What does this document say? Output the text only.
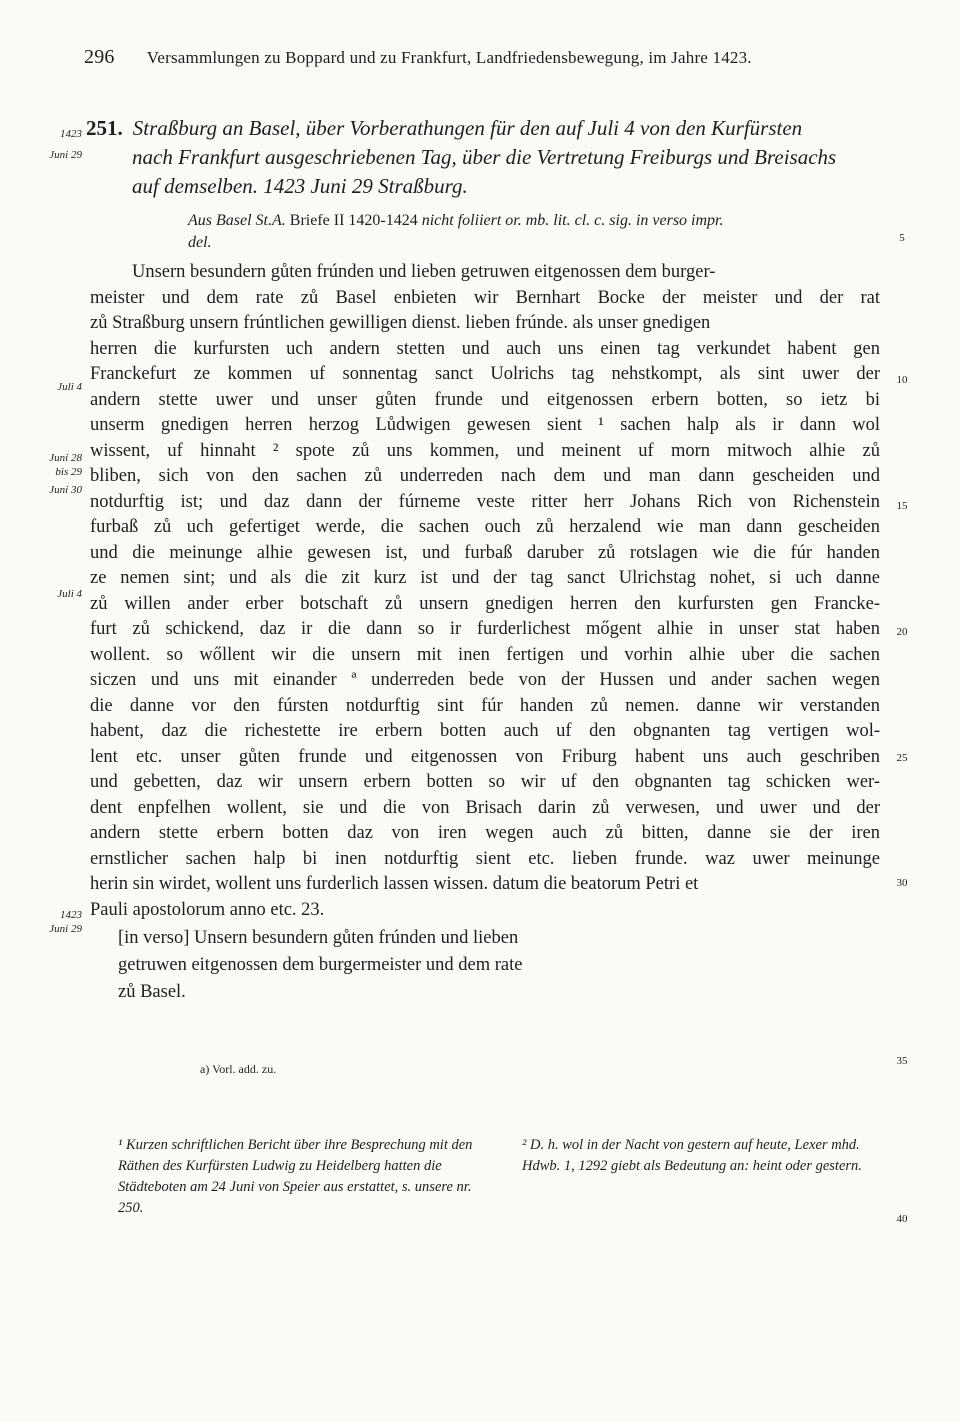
296 Versammlungen zu Boppard und zu Frankfurt, Landfriedensbewegung, im Jahre 1423.
1423
Juni 29
Juli 4
Juni 28
bis 29
Juni 30
Juli 4
1423
Juni 29
5
10
15
20
25
30
35
40
251. Straßburg an Basel, über Vorberathungen für den auf Juli 4 von den Kurfürsten
nach Frankfurt ausgeschriebenen Tag, über die Vertretung Freiburgs und Breisachs
auf demselben. 1423 Juni 29 Straßburg.
Aus Basel St.A. Briefe II 1420-1424 nicht foliiert or. mb. lit. cl. c. sig. in verso impr.
del.
Unsern besundern gůten frúnden und lieben getruwen eitgenossen dem burger-
meister und dem rate zů Basel enbieten wir Bernhart Bocke der meister und der rat
zů Straßburg unsern frúntlichen gewilligen dienst. lieben frúnde. als unser gnedigen
herren die kurfursten uch andern stetten und auch uns einen tag verkundet habent gen
Franckefurt ze kommen uf sonnentag sanct Uolrichs tag nehstkompt, als sint uwer der
andern stette uwer und unser gůten frunde und eitgenossen erbern botten, so ietz bi
unserm gnedigen herren herzog Lůdwigen gewesen sient ¹ sachen halp als ir dann wol
wissent, uf hinnaht ² spote zů uns kommen, und meinent uf morn mitwoch alhie zů
bliben, sich von den sachen zů underreden nach dem und man dann gescheiden und
notdurftig ist; und daz dann der fúrneme veste ritter herr Johans Rich von Richenstein
furbaß zů uch gefertiget werde, die sachen ouch zů herzalend wie man dann gescheiden
und die meinunge alhie gewesen ist, und furbaß daruber zů rotslagen wie die fúr handen
ze nemen sint; und als die zit kurz ist und der tag sanct Ulrichstag nohet, si uch danne
zů willen ander erber botschaft zů unsern gnedigen herren den kurfursten gen Francke-
furt zů schickend, daz ir die dann so ir furderlichest mőgent alhie in unser stat haben
wollent. so wőllent wir die unsern mit inen fertigen und vorhin alhie uber die sachen
siczen und uns mit einander ª underreden bede von der Hussen und ander sachen wegen
die danne vor den fúrsten notdurftig sint fúr handen zů nemen. danne wir verstanden
habent, daz die richestette ire erbern botten auch uf den obgnanten tag vertigen wol-
lent etc. unser gůten frunde und eitgenossen von Friburg habent uns auch geschriben
und gebetten, daz wir unsern erbern botten so wir uf den obgnanten tag schicken wer-
dent enpfelhen wollent, sie und die von Brisach darin zů verwesen, und uwer und der
andern stette erbern botten daz von iren wegen auch zů bitten, danne sie der iren
ernstlicher sachen halp bi inen notdurftig sient etc. lieben frunde. waz uwer meinunge
herin sin wirdet, wollent uns furderlich lassen wissen. datum die beatorum Petri et
Pauli apostolorum anno etc. 23.
[in verso] Unsern besundern gůten frúnden und lieben
getruwen eitgenossen dem burgermeister und dem rate
zů Basel.
a) Vorl. add. zu.
¹ Kurzen schriftlichen Bericht über ihre Besprechung mit den Räthen des Kurfürsten Ludwig zu Heidelberg hatten die Städteboten am 24 Juni von Speier aus erstattet, s. unsere nr. 250.
² D. h. wol in der Nacht von gestern auf heute, Lexer mhd. Hdwb. 1, 1292 giebt als Bedeutung an: heint oder gestern.
